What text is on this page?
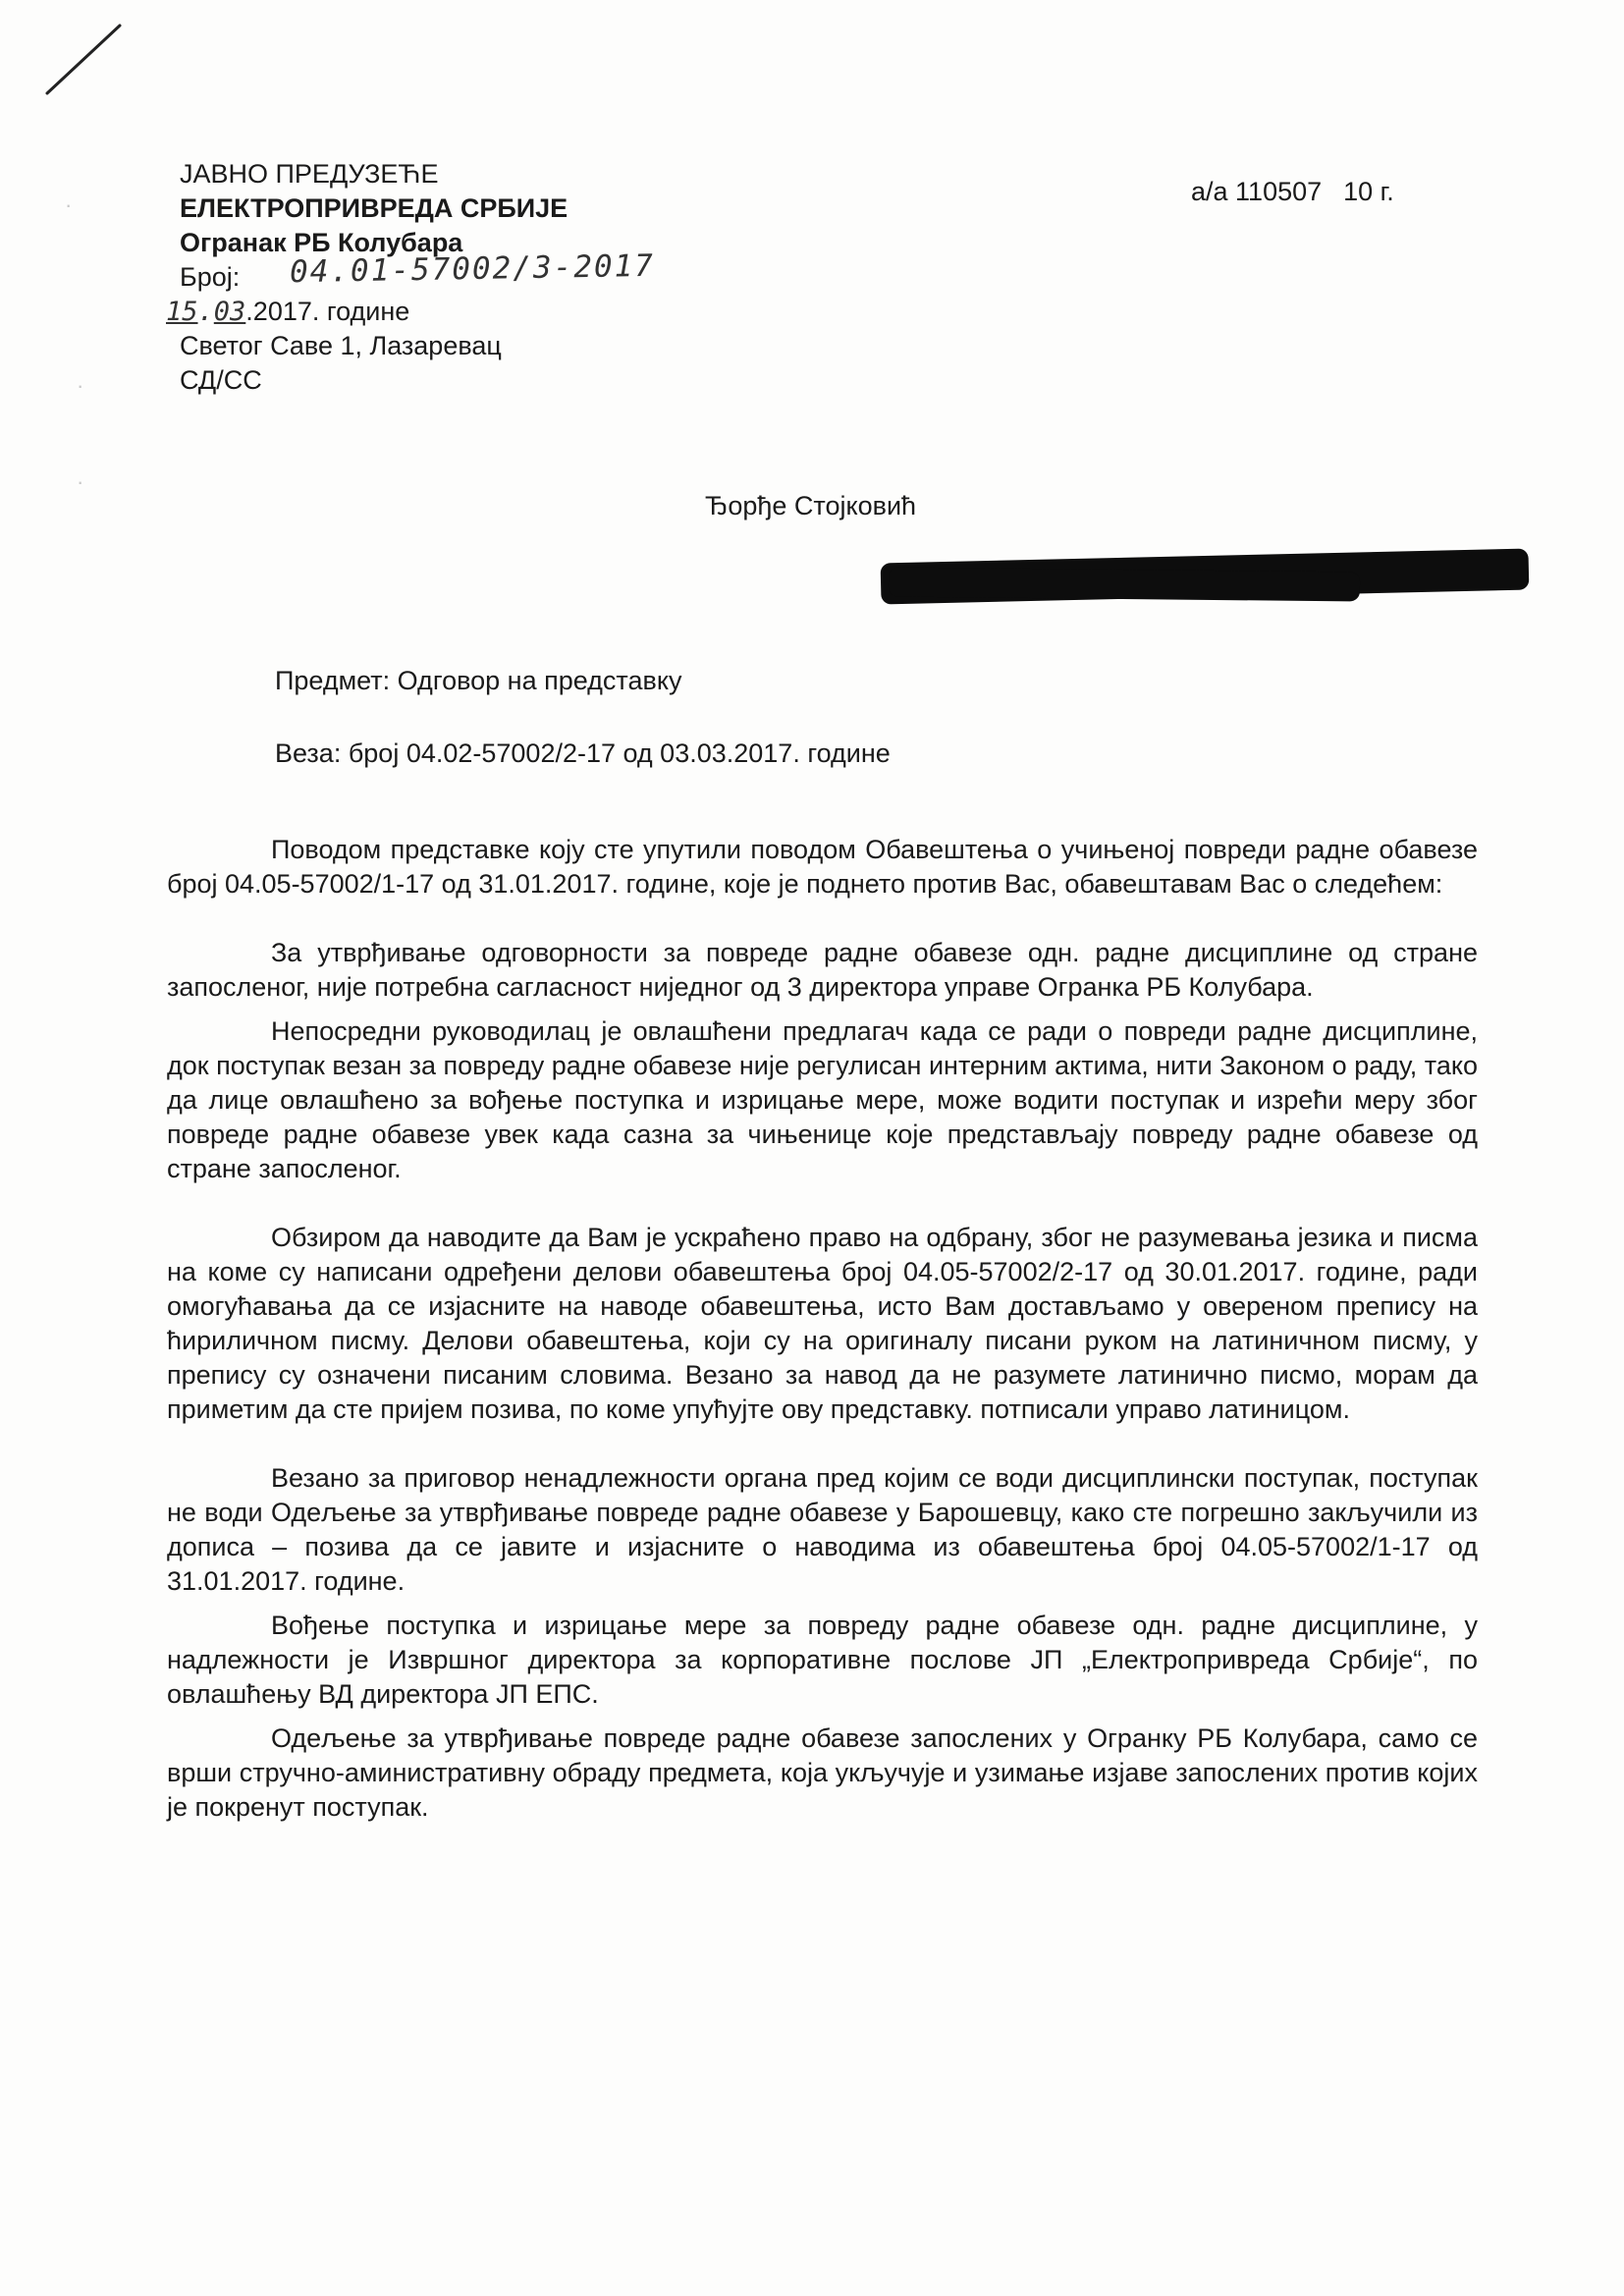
·
·
·
ЈАВНО ПРЕДУЗЕЋЕ
ЕЛЕКТРОПРИВРЕДА СРБИЈЕ
Огранак РБ Колубара
Број: 04.01-57002/3-2017
15.03.2017. године
Светог Саве 1, Лазаревац
СД/СС
а/а 110507 10 г.
Ђорђе Стојковић
Предмет: Одговор на представку
Веза: број 04.02-57002/2-17 од 03.03.2017. године

Поводом представке коју сте упутили поводом Обавештења о учињеној повреди радне обавезе број 04.05-57002/1-17 од 31.01.2017. године, које је поднето против Вас, обавештавам Вас о следећем:

За утврђивање одговорности за повреде радне обавезе одн. радне дисциплине од стране запосленог, није потребна сагласност ниједног од 3 директора управе Огранка РБ Колубара.

Непосредни руководилац је овлашћени предлагач када се ради о повреди радне дисциплине, док поступак везан за повреду радне обавезе није регулисан интерним актима, нити Законом о раду, тако да лице овлашћено за вођење поступка и изрицање мере, може водити поступак и изрећи меру због повреде радне обавезе увек када сазна за чињенице које представљају повреду радне обавезе од стране запосленог.

Обзиром да наводите да Вам је ускраћено право на одбрану, због не разумевања језика и писма на коме су написани одређени делови обавештења број 04.05-57002/2-17 од 30.01.2017. године, ради омогућавања да се изјасните на наводе обавештења, исто Вам достављамо у овереном препису на ћириличном писму. Делови обавештења, који су на оригиналу писани руком на латиничном писму, у препису су означени писаним словима. Везано за навод да не разумете латинично писмо, морам да приметим да сте пријем позива, по коме упућујте ову представку. потписали управо латиницом.

Везано за приговор ненадлежности органа пред којим се води дисциплински поступак, поступак не води Одељење за утврђивање повреде радне обавезе у Барошевцу, како сте погрешно закључили из дописа – позива да се јавите и изјасните о наводима из обавештења број 04.05-57002/1-17 од 31.01.2017. године.

Вођење поступка и изрицање мере за повреду радне обавезе одн. радне дисциплине, у надлежности је Извршног директора за корпоративне послове ЈП „Електропривреда Србије“, по овлашћењу ВД директора ЈП ЕПС.

Одељење за утврђивање повреде радне обавезе запослених у Огранку РБ Колубара, само се врши стручно-аминистративну обраду предмета, која укључује и узимање изјаве запослених против којих је покренут поступак.
